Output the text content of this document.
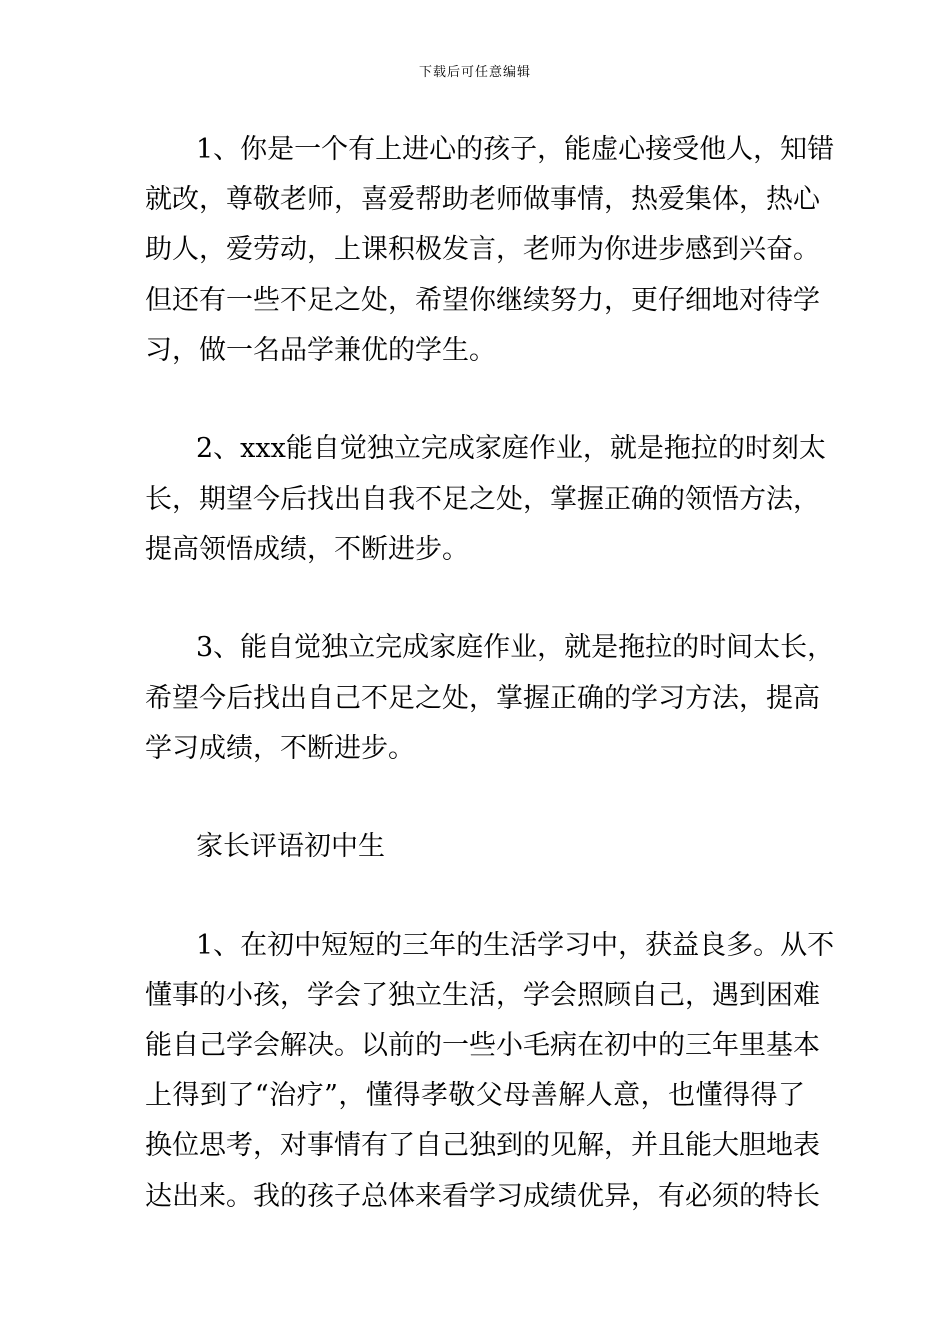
下载后可任意编辑

1、你是一个有上进心的孩子，能虚心接受他人，知错

就改，尊敬老师，喜爱帮助老师做事情，热爱集体，热心

助人，爱劳动，上课积极发言，老师为你进步感到兴奋。

但还有一些不足之处，希望你继续努力，更仔细地对待学

习，做一名品学兼优的学生。

2、xxx能自觉独立完成家庭作业，就是拖拉的时刻太

长，期望今后找出自我不足之处，掌握正确的领悟方法，

提高领悟成绩，不断进步。

3、能自觉独立完成家庭作业，就是拖拉的时间太长，

希望今后找出自己不足之处，掌握正确的学习方法，提高

学习成绩，不断进步。

家长评语初中生

1、在初中短短的三年的生活学习中，获益良多。从不

懂事的小孩，学会了独立生活，学会照顾自己，遇到困难

能自己学会解决。以前的一些小毛病在初中的三年里基本

上得到了“治疗”，懂得孝敬父母善解人意，也懂得得了

换位思考，对事情有了自己独到的见解，并且能大胆地表

达出来。我的孩子总体来看学习成绩优异，有必须的特长
